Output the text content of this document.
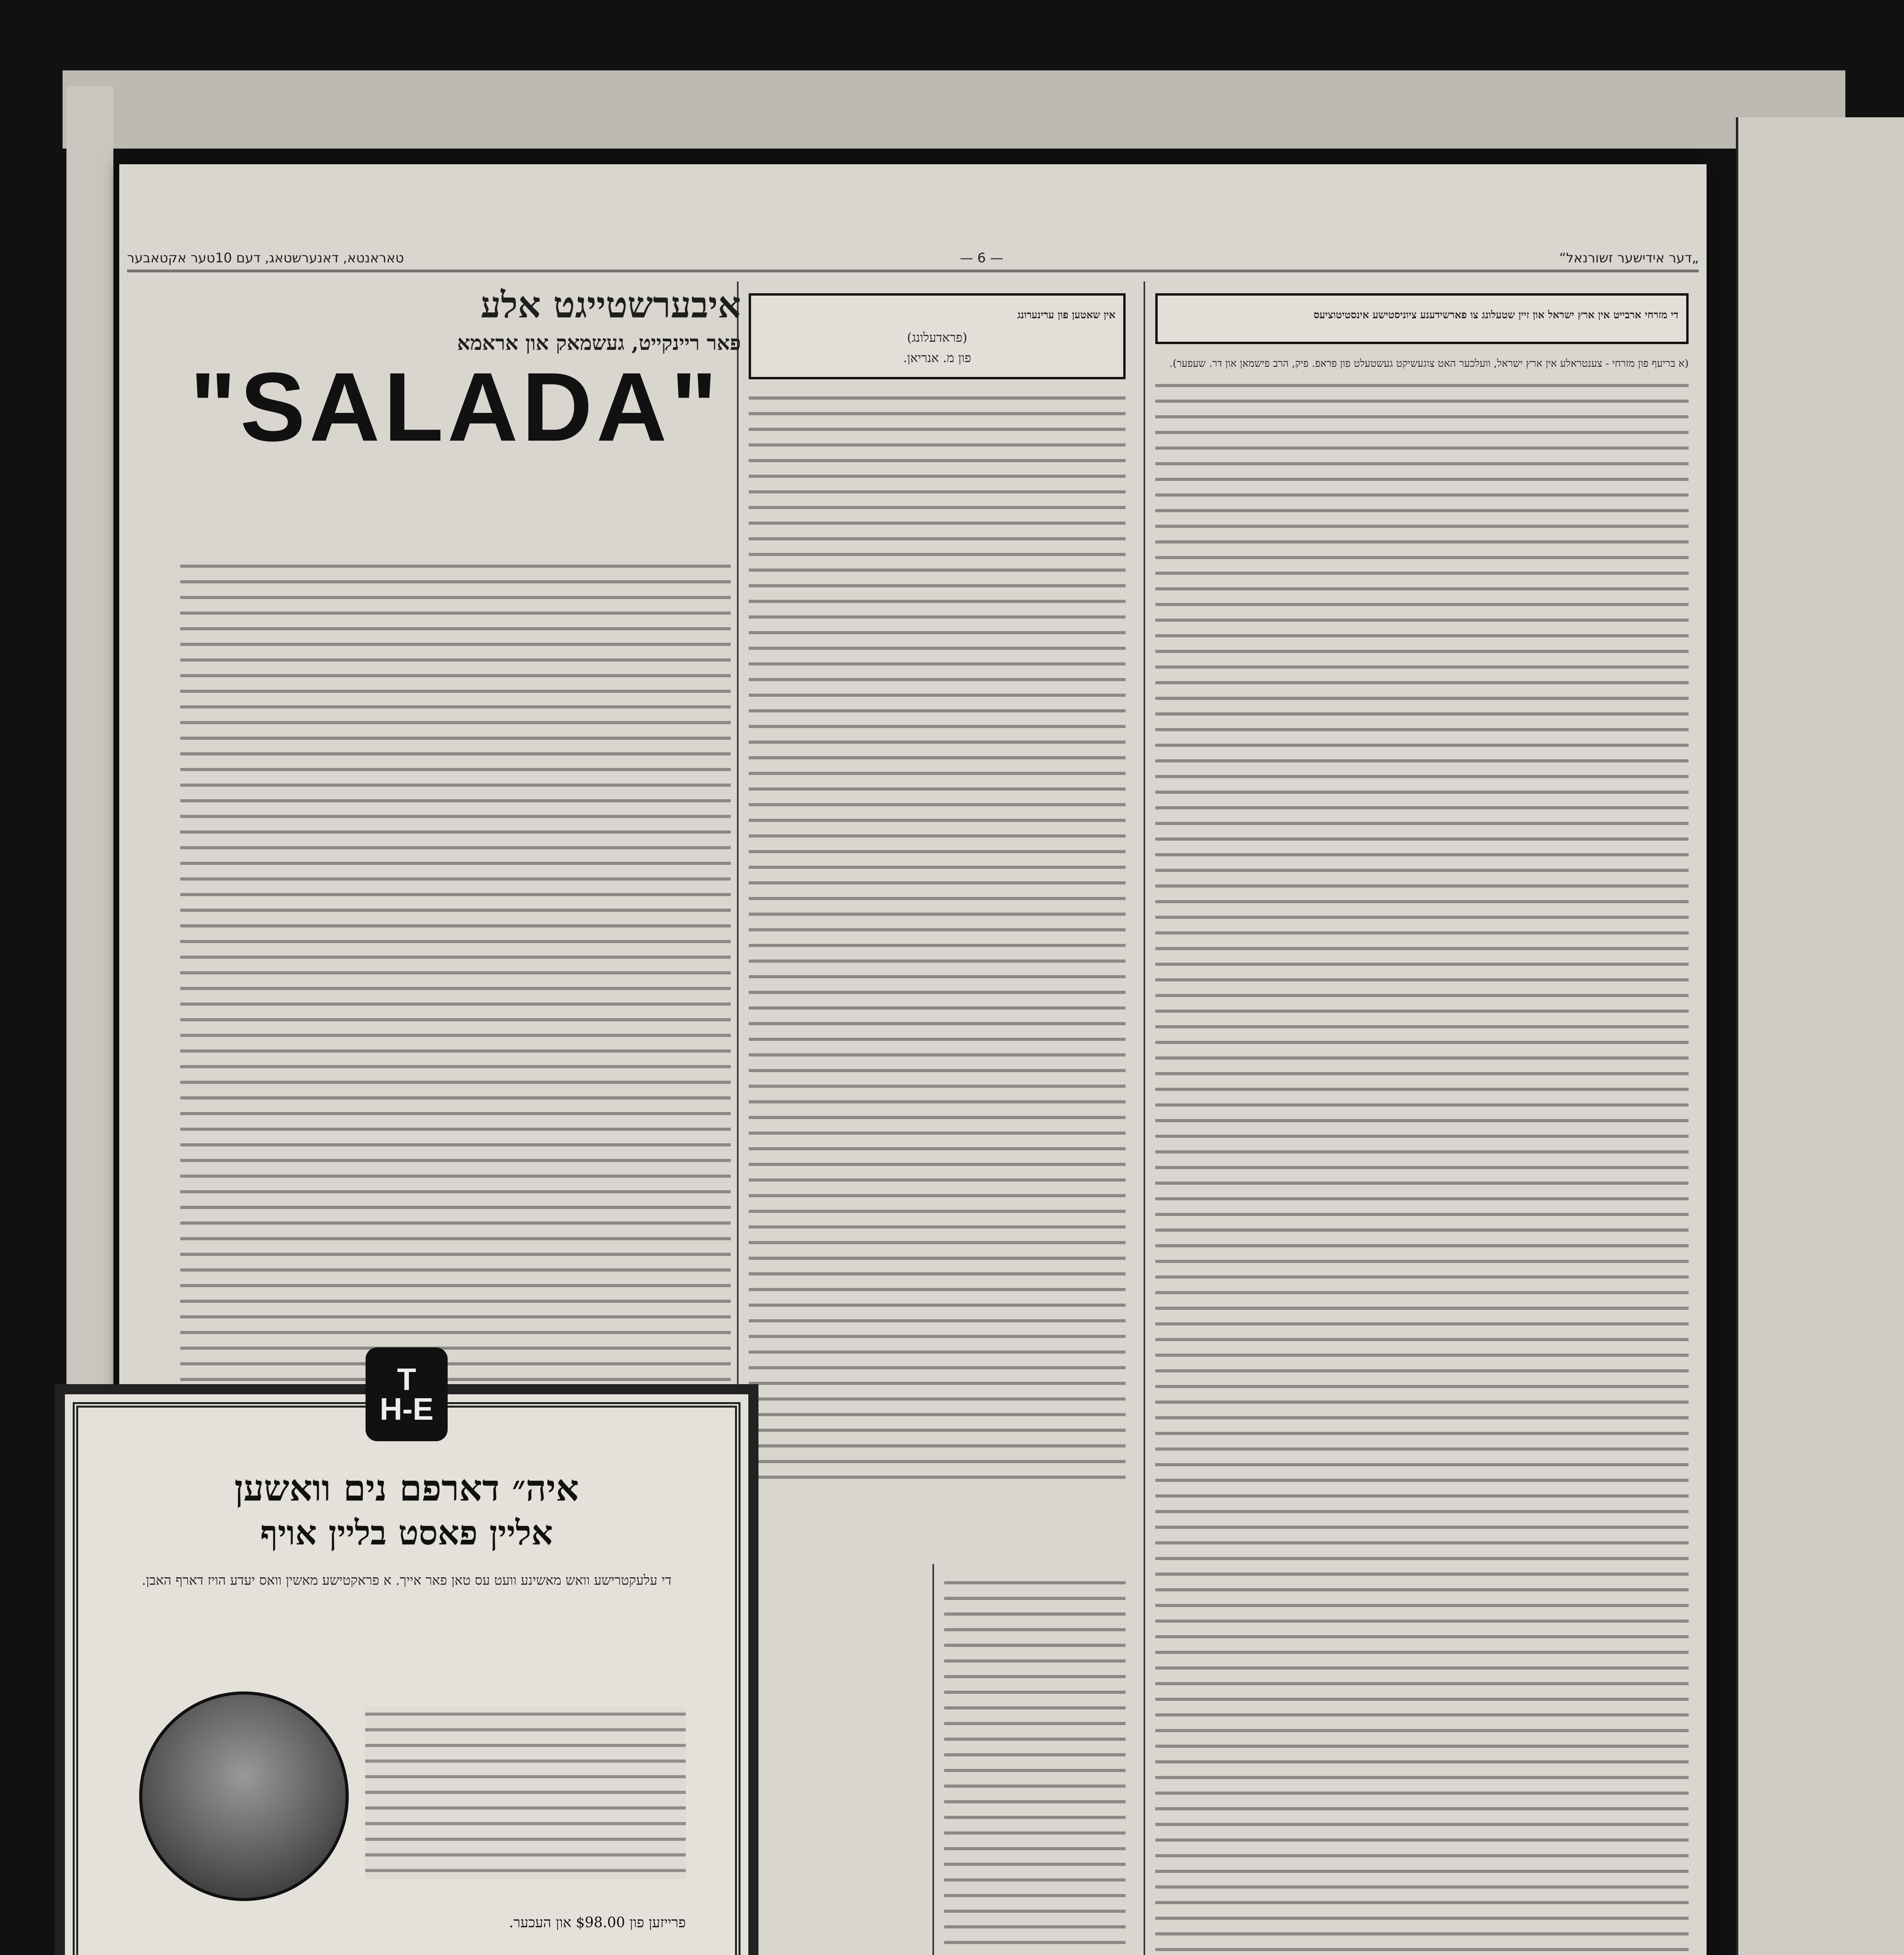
„דער אידישער זשורנאל“
— 6 —
טאראנטא, דאנערשטאג, דעם 10טער אקטאבער

די מזרחי ארבייט אין ארץ ישראל און זיין שטעלונג צו פארשידענע ציוניסטישע אינסטיטוציעס

(א בריעף פון מזרחי - צענטראלע אין ארץ ישראל, וועלכער האט צוגעשיקט געשטעלט פון פראפ. פיק, הרב פישמאן און דר. שעפער).

אין שאטען פון ערינערונג

(פראדעלונג)
פון מ. אנריאן.

איבערשטייגט אלע

פאר ריינקייט, געשמאק און אראמא

"SALADA"
T
H-E

איה״ דארפם נים וואשען

אליין פאסט בליין אויף

די עלעקטרישע וואש מאשינע וועט עס טאן פאר אייך. א פראקטישע מאשין וואס יעדע הויז דארף האבן.
פרייזען פון $98.00 און העכער.
